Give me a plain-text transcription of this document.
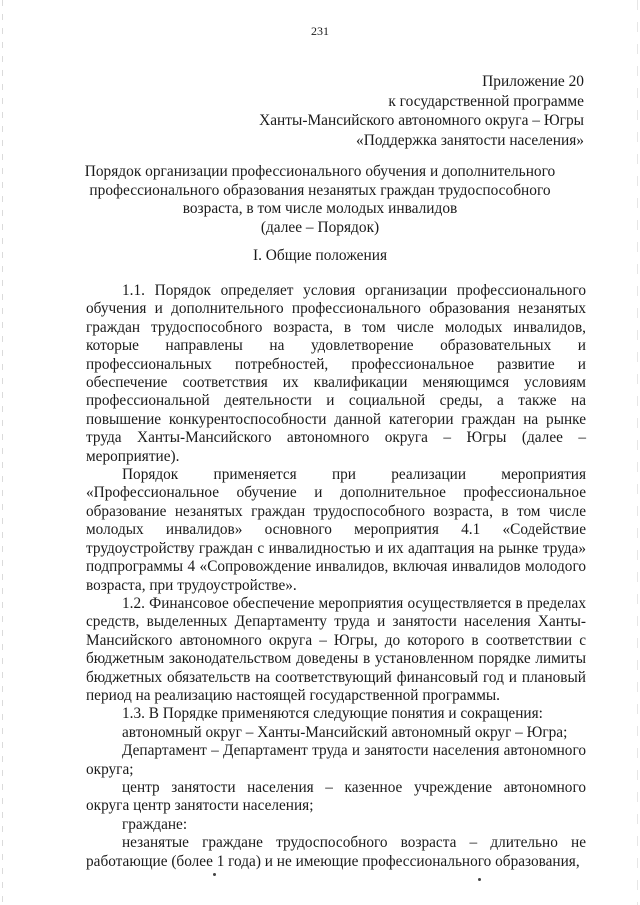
231
Приложение 20
к государственной программе
Ханты-Мансийского автономного округа – Югры
«Поддержка занятости населения»
Порядок организации профессионального обучения и дополнительного
профессионального образования незанятых граждан трудоспособного
возраста, в том числе молодых инвалидов
(далее – Порядок)
I. Общие положения

1.1. Порядок определяет условия организации профессионального обучения и дополнительного профессионального образования незанятых граждан трудоспособного возраста, в том числе молодых инвалидов, которые направлены на удовлетворение образовательных и профессиональных потребностей, профессиональное развитие и обеспечение соответствия их квалификации меняющимся условиям профессиональной деятельности и социальной среды, а также на повышение конкурентоспособности данной категории граждан на рынке труда Ханты-Мансийского автономного округа – Югры (далее – мероприятие).

Порядок применяется при реализации мероприятия «Профессиональное обучение и дополнительное профессиональное образование незанятых граждан трудоспособного возраста, в том числе молодых инвалидов» основного мероприятия 4.1 «Содействие трудоустройству граждан с инвалидностью и их адаптация на рынке труда» подпрограммы 4 «Сопровождение инвалидов, включая инвалидов молодого возраста, при трудоустройстве».

1.2. Финансовое обеспечение мероприятия осуществляется в пределах средств, выделенных Департаменту труда и занятости населения Ханты-Мансийского автономного округа – Югры, до которого в соответствии с бюджетным законодательством доведены в установленном порядке лимиты бюджетных обязательств на соответствующий финансовый год и плановый период на реализацию настоящей государственной программы.

1.3. В Порядке применяются следующие понятия и сокращения:

автономный округ – Ханты-Мансийский автономный округ – Югра;

Департамент – Департамент труда и занятости населения автономного округа;

центр занятости населения – казенное учреждение автономного округа центр занятости населения;

граждане:

незанятые граждане трудоспособного возраста – длительно не работающие (более 1 года) и не имеющие профессионального образования,
